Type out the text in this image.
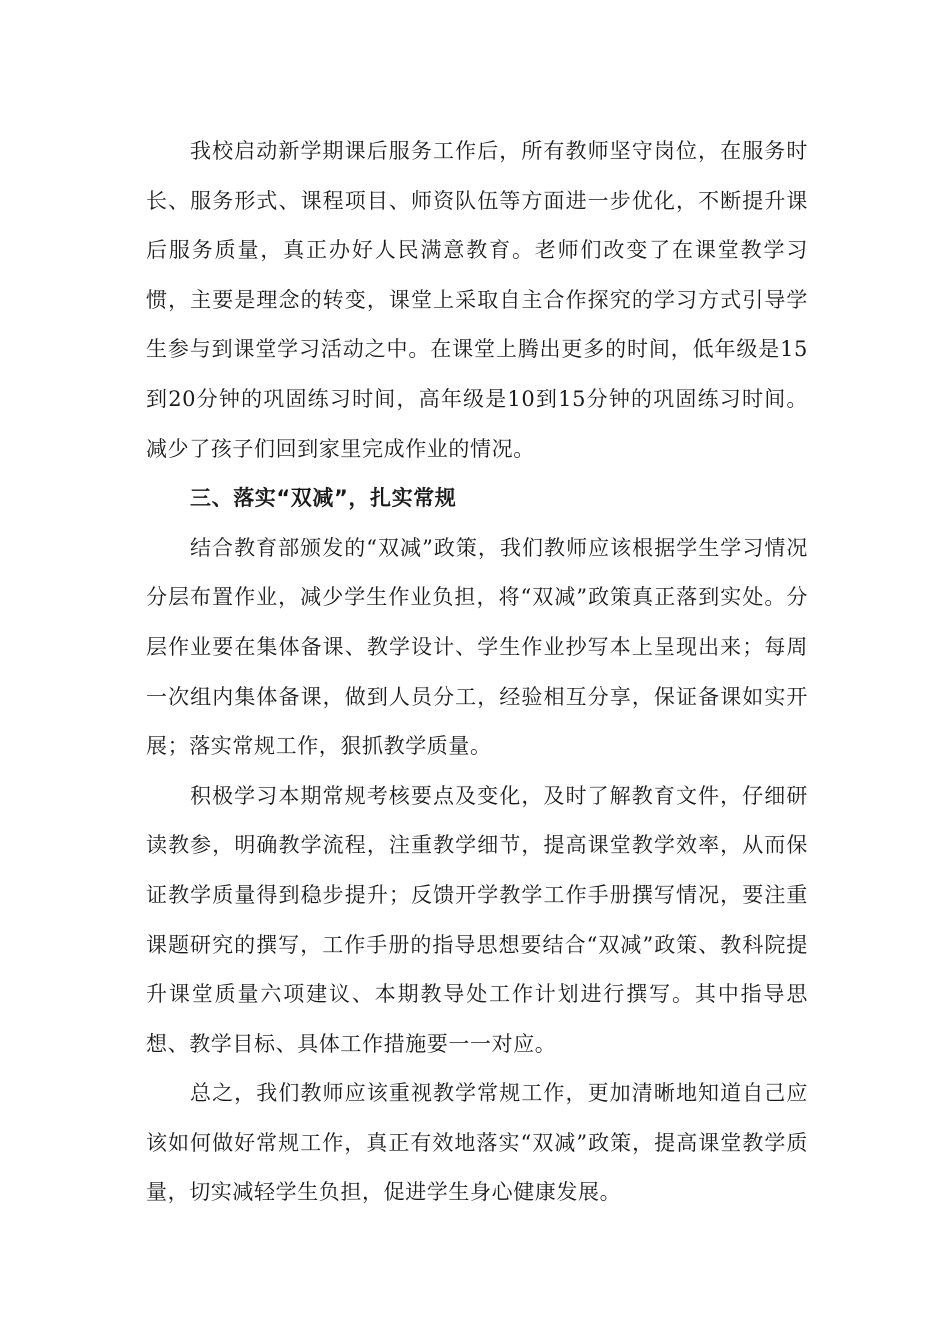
我校启动新学期课后服务工作后，所有教师坚守岗位，在服务时长、服务形式、课程项目、师资队伍等方面进一步优化，不断提升课后服务质量，真正办好人民满意教育。老师们改变了在课堂教学习惯，主要是理念的转变，课堂上采取自主合作探究的学习方式引导学生参与到课堂学习活动之中。在课堂上腾出更多的时间，低年级是15到20分钟的巩固练习时间，高年级是10到15分钟的巩固练习时间。减少了孩子们回到家里完成作业的情况。

三、落实“双减”，扎实常规

结合教育部颁发的“双减”政策，我们教师应该根据学生学习情况分层布置作业，减少学生作业负担，将“双减”政策真正落到实处。分层作业要在集体备课、教学设计、学生作业抄写本上呈现出来；每周一次组内集体备课，做到人员分工，经验相互分享，保证备课如实开展；落实常规工作，狠抓教学质量。

积极学习本期常规考核要点及变化，及时了解教育文件，仔细研读教参，明确教学流程，注重教学细节，提高课堂教学效率，从而保证教学质量得到稳步提升；反馈开学教学工作手册撰写情况，要注重课题研究的撰写，工作手册的指导思想要结合“双减”政策、教科院提升课堂质量六项建议、本期教导处工作计划进行撰写。其中指导思想、教学目标、具体工作措施要一一对应。

总之，我们教师应该重视教学常规工作，更加清晰地知道自己应该如何做好常规工作，真正有效地落实“双减”政策，提高课堂教学质量，切实减轻学生负担，促进学生身心健康发展。
